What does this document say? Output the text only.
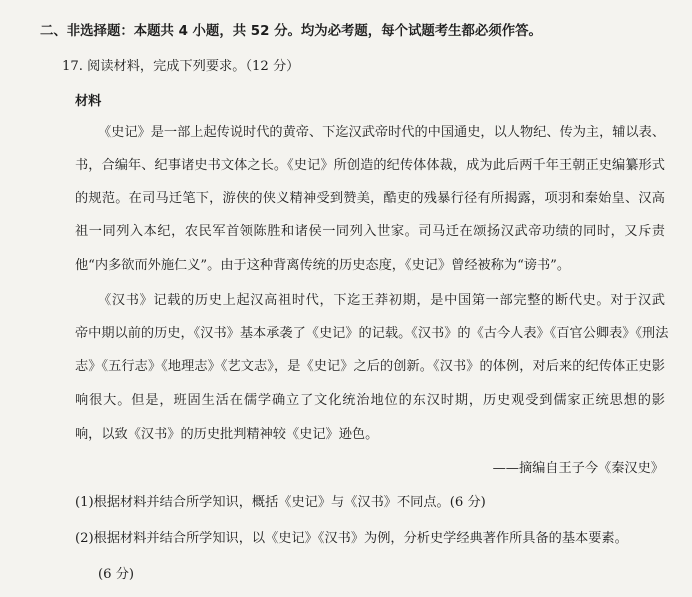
二、非选择题：本题共 4 小题，共 52 分。均为必考题，每个试题考生都必须作答。
17. 阅读材料，完成下列要求。（12 分）
材料
《史记》是一部上起传说时代的黄帝、下迄汉武帝时代的中国通史，以人物纪、传为主，辅以表、
书，合编年、纪事诸史书文体之长。《史记》所创造的纪传体体裁，成为此后两千年王朝正史编纂形式
的规范。在司马迁笔下，游侠的侠义精神受到赞美，酷吏的残暴行径有所揭露，项羽和秦始皇、汉高
祖一同列入本纪，农民军首领陈胜和诸侯一同列入世家。司马迁在颂扬汉武帝功绩的同时，又斥责
他“内多欲而外施仁义”。由于这种背离传统的历史态度，《史记》曾经被称为“谤书”。
《汉书》记载的历史上起汉高祖时代，下迄王莽初期，是中国第一部完整的断代史。对于汉武
帝中期以前的历史，《汉书》基本承袭了《史记》的记载。《汉书》的《古今人表》《百官公卿表》《刑法
志》《五行志》《地理志》《艺文志》，是《史记》之后的创新。《汉书》的体例，对后来的纪传体正史影
响很大。但是，班固生活在儒学确立了文化统治地位的东汉时期，历史观受到儒家正统思想的影
响，以致《汉书》的历史批判精神较《史记》逊色。
——摘编自王子今《秦汉史》
(1)根据材料并结合所学知识，概括《史记》与《汉书》不同点。(6 分)
(2)根据材料并结合所学知识，以《史记》《汉书》为例，分析史学经典著作所具备的基本要素。
(6 分)
